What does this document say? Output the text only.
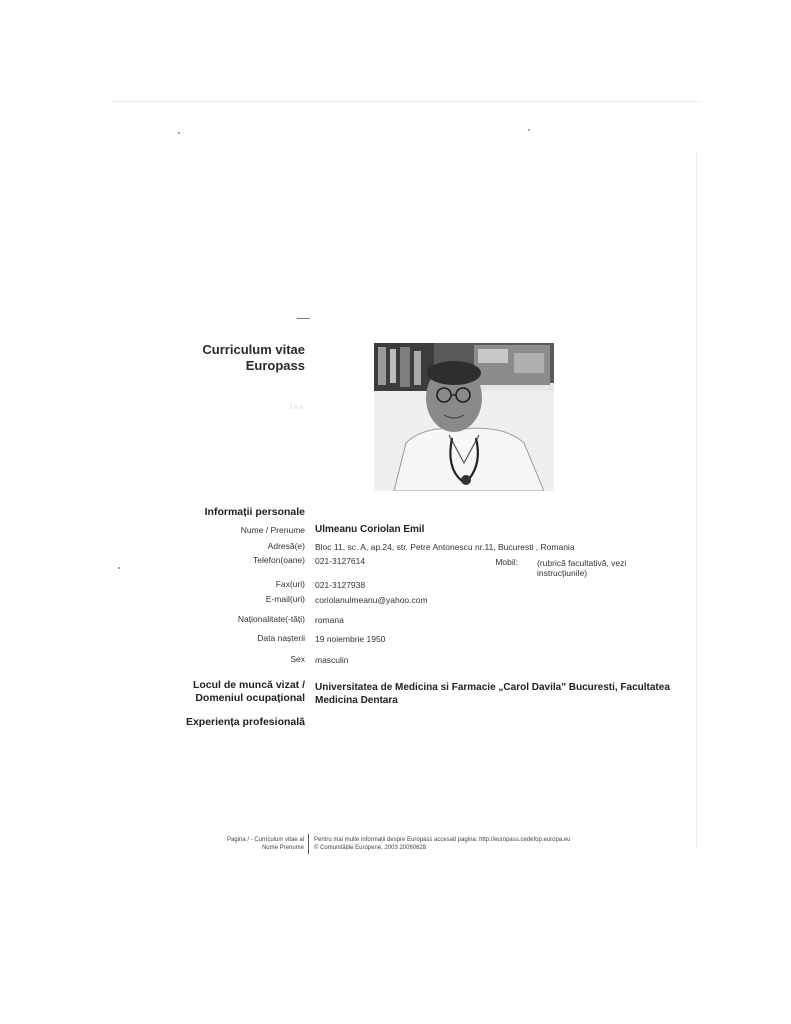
⁾ˢˢ
Curriculum vitae
Europass
Informații personale
Nume / Prenume Ulmeanu Coriolan Emil
Adresă(e) Bloc 11, sc. A, ap.24, str. Petre Antonescu nr.11, Bucuresti , Romania
Telefon(oane) 021-3127614	Mobil: (rubrică facultativă, vezi instrucțiunile)
Fax(uri) 021-3127938
E-mail(uri) coriolanulmeanu@yahoo.com
Naționalitate(-tăți) romana
Data nașterii 19 noiembrie 1950
Sex masculin
Locul de muncă vizat /
Domeniul ocupațional
Universitatea de Medicina si Farmacie „Carol Davila" Bucuresti, Facultatea Medicina Dentara
Experiența profesională
Pagina / - Curriculum vitae al
Nume Prenume
Pentru mai multe informații despre Europass accesați pagina: http://europass.cedefop.europa.eu
© Comunitățile Europene, 2003 20060628
